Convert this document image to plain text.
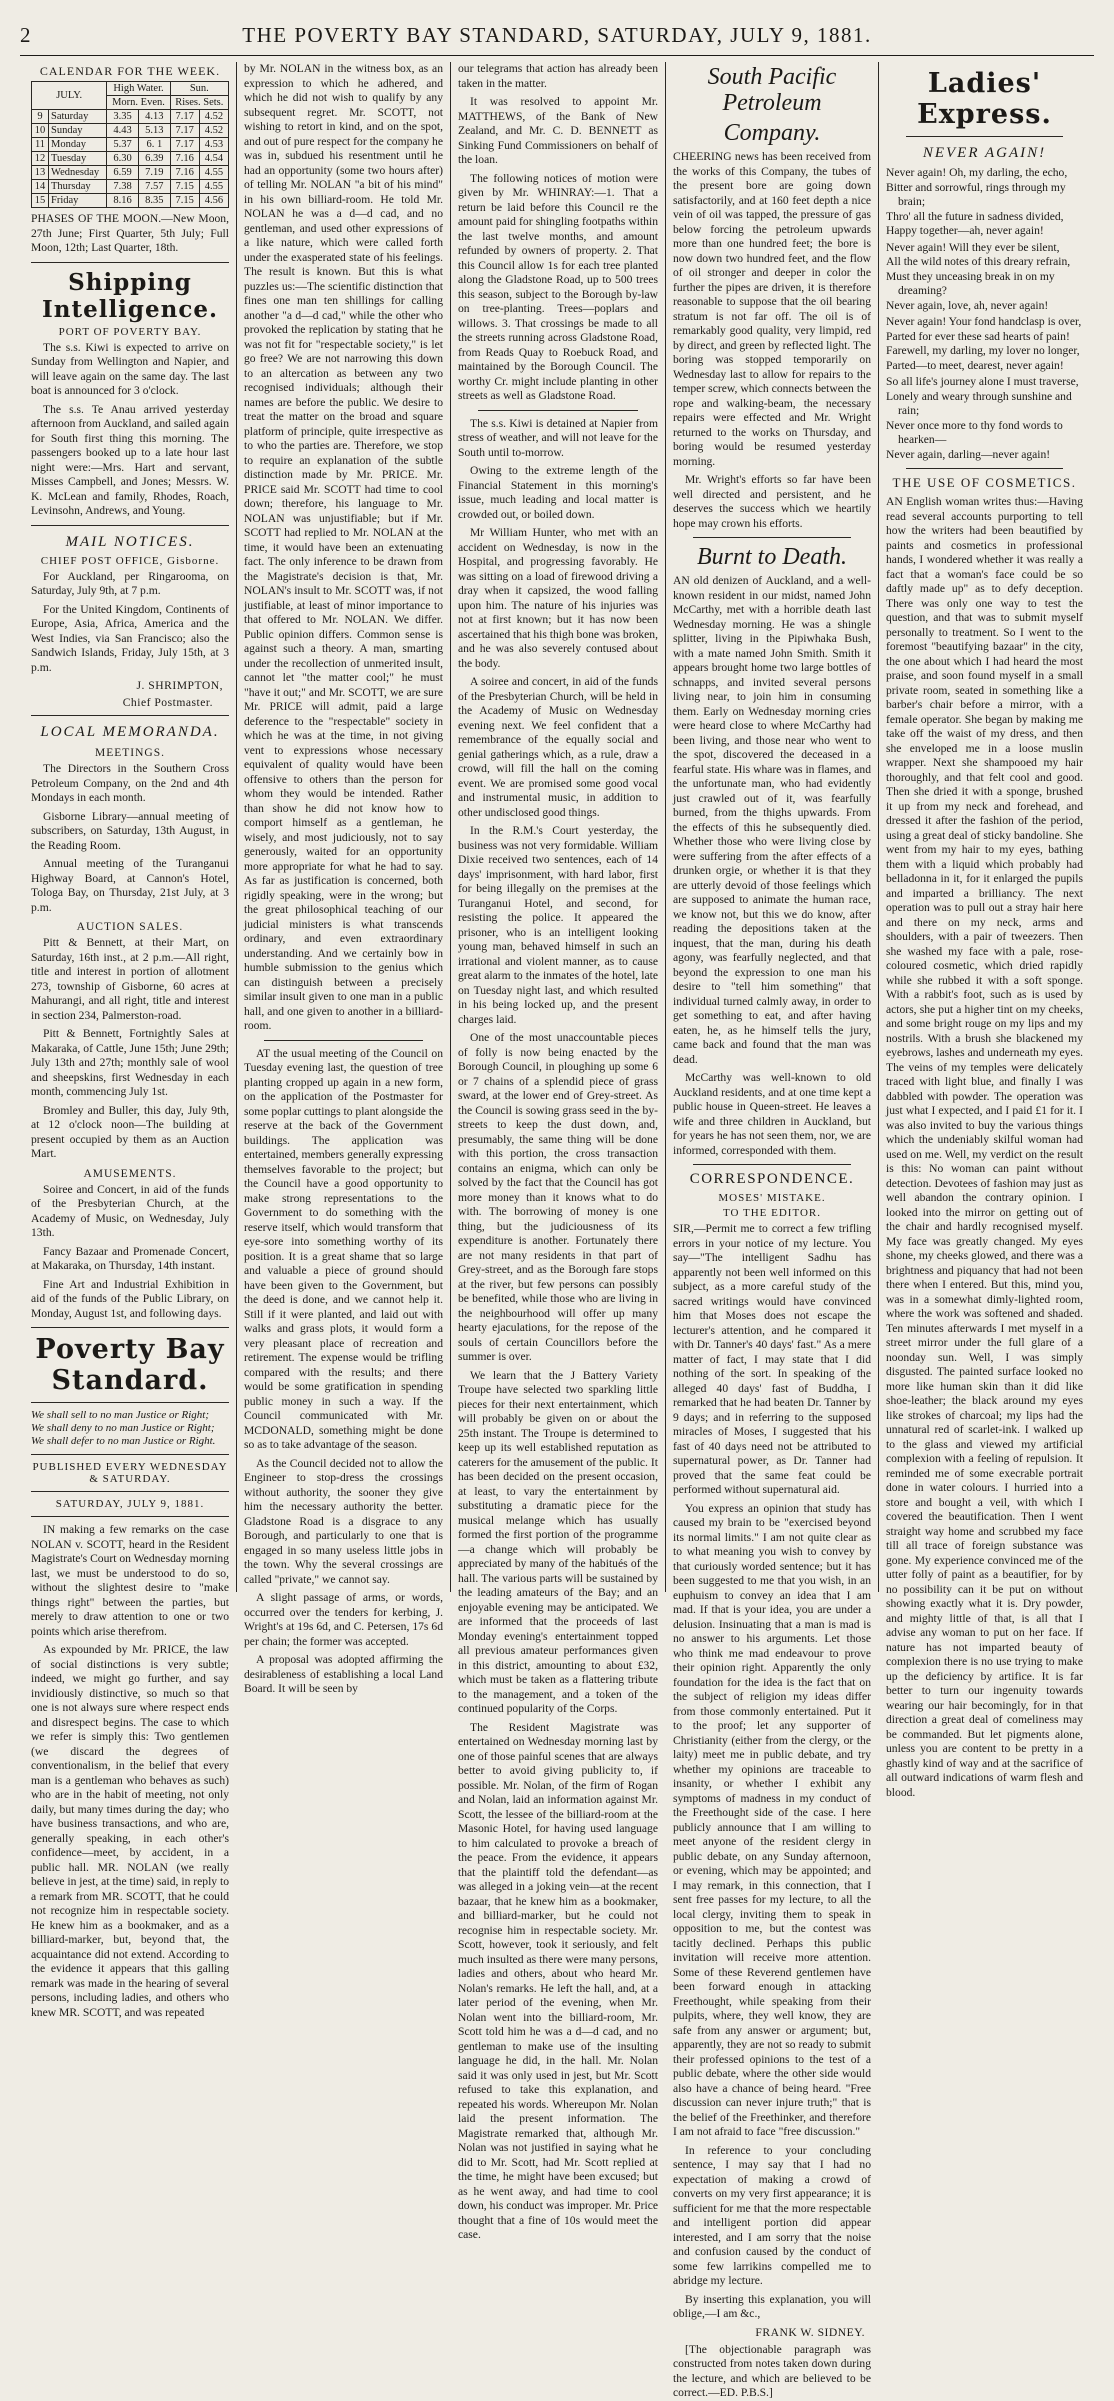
2	THE POVERTY BAY STANDARD, SATURDAY, JULY 9, 1881.
CALENDAR FOR THE WEEK.
JULY.		High Water.		Sun.	
		Morn. Even.		Rises. Sets.	
9	Saturday	3.35	4.13	7.17	4.52
10	Sunday	4.43	5.13	7.17	4.52
11	Monday	5.37	6. 1	7.17	4.53
12	Tuesday	6.30	6.39	7.16	4.54
13	Wednesday	6.59	7.19	7.16	4.55
14	Thursday	7.38	7.57	7.15	4.55
15	Friday	8.16	8.35	7.15	4.56

PHASES OF THE MOON.—New Moon, 27th June; First Quarter, 5th July; Full Moon, 12th; Last Quarter, 18th.

Shipping Intelligence.
PORT OF POVERTY BAY.

The s.s. Kiwi is expected to arrive on Sunday from Wellington and Napier, and will leave again on the same day. The last boat is announced for 3 o'clock.

The s.s. Te Anau arrived yesterday afternoon from Auckland, and sailed again for South first thing this morning. The passengers booked up to a late hour last night were:—Mrs. Hart and servant, Misses Campbell, and Jones; Messrs. W. K. McLean and family, Rhodes, Roach, Levinsohn, Andrews, and Young.

MAIL NOTICES.
CHIEF POST OFFICE, Gisborne.

For Auckland, per Ringarooma, on Saturday, July 9th, at 7 p.m.

For the United Kingdom, Continents of Europe, Asia, Africa, America and the West Indies, via San Francisco; also the Sandwich Islands, Friday, July 15th, at 3 p.m.

J. SHRIMPTON,
Chief Postmaster.
LOCAL MEMORANDA.
MEETINGS.

The Directors in the Southern Cross Petroleum Company, on the 2nd and 4th Mondays in each month.

Gisborne Library—annual meeting of subscribers, on Saturday, 13th August, in the Reading Room.

Annual meeting of the Turanganui Highway Board, at Cannon's Hotel, Tologa Bay, on Thursday, 21st July, at 3 p.m.

AUCTION SALES.

Pitt & Bennett, at their Mart, on Saturday, 16th inst., at 2 p.m.—All right, title and interest in portion of allotment 273, township of Gisborne, 60 acres at Mahurangi, and all right, title and interest in section 234, Palmerston-road.

Pitt & Bennett, Fortnightly Sales at Makaraka, of Cattle, June 15th; June 29th; July 13th and 27th; monthly sale of wool and sheepskins, first Wednesday in each month, commencing July 1st.

Bromley and Buller, this day, July 9th, at 12 o'clock noon—The building at present occupied by them as an Auction Mart.

AMUSEMENTS.

Soiree and Concert, in aid of the funds of the Presbyterian Church, at the Academy of Music, on Wednesday, July 13th.

Fancy Bazaar and Promenade Concert, at Makaraka, on Thursday, 14th instant.

Fine Art and Industrial Exhibition in aid of the funds of the Public Library, on Monday, August 1st, and following days.

Poverty Bay Standard.

We shall sell to no man Justice or Right;

We shall deny to no man Justice or Right;

We shall defer to no man Justice or Right.

PUBLISHED EVERY WEDNESDAY & SATURDAY.
SATURDAY, JULY 9, 1881.

IN making a few remarks on the case NOLAN v. SCOTT, heard in the Resident Magistrate's Court on Wednesday morning last, we must be understood to do so, without the slightest desire to "make things right" between the parties, but merely to draw attention to one or two points which arise therefrom.

As expounded by Mr. PRICE, the law of social distinctions is very subtle; indeed, we might go further, and say invidiously distinctive, so much so that one is not always sure where respect ends and disrespect begins. The case to which we refer is simply this: Two gentlemen (we discard the degrees of conventionalism, in the belief that every man is a gentleman who behaves as such) who are in the habit of meeting, not only daily, but many times during the day; who have business transactions, and who are, generally speaking, in each other's confidence—meet, by accident, in a public hall. MR. NOLAN (we really believe in jest, at the time) said, in reply to a remark from MR. SCOTT, that he could not recognize him in respectable society. He knew him as a bookmaker, and as a billiard-marker, but, beyond that, the acquaintance did not extend. According to the evidence it appears that this galling remark was made in the hearing of several persons, including ladies, and others who knew MR. SCOTT, and was repeated

by Mr. NOLAN in the witness box, as an expression to which he adhered, and which he did not wish to qualify by any subsequent regret. Mr. SCOTT, not wishing to retort in kind, and on the spot, and out of pure respect for the company he was in, subdued his resentment until he had an opportunity (some two hours after) of telling Mr. NOLAN "a bit of his mind" in his own billiard-room. He told Mr. NOLAN he was a d—d cad, and no gentleman, and used other expressions of a like nature, which were called forth under the exasperated state of his feelings. The result is known. But this is what puzzles us:—The scientific distinction that fines one man ten shillings for calling another "a d—d cad," while the other who provoked the replication by stating that he was not fit for "respectable society," is let go free? We are not narrowing this down to an altercation as between any two recognised individuals; although their names are before the public. We desire to treat the matter on the broad and square platform of principle, quite irrespective as to who the parties are. Therefore, we stop to require an explanation of the subtle distinction made by Mr. PRICE. Mr. PRICE said Mr. SCOTT had time to cool down; therefore, his language to Mr. NOLAN was unjustifiable; but if Mr. SCOTT had replied to Mr. NOLAN at the time, it would have been an extenuating fact. The only inference to be drawn from the Magistrate's decision is that, Mr. NOLAN's insult to Mr. SCOTT was, if not justifiable, at least of minor importance to that offered to Mr. NOLAN. We differ. Public opinion differs. Common sense is against such a theory. A man, smarting under the recollection of unmerited insult, cannot let "the matter cool;" he must "have it out;" and Mr. SCOTT, we are sure Mr. PRICE will admit, paid a large deference to the "respectable" society in which he was at the time, in not giving vent to expressions whose necessary equivalent of quality would have been offensive to others than the person for whom they would be intended. Rather than show he did not know how to comport himself as a gentleman, he wisely, and most judiciously, not to say generously, waited for an opportunity more appropriate for what he had to say. As far as justification is concerned, both rigidly speaking, were in the wrong; but the great philosophical teaching of our judicial ministers is what transcends ordinary, and even extraordinary understanding. And we certainly bow in humble submission to the genius which can distinguish between a precisely similar insult given to one man in a public hall, and one given to another in a billiard-room.

AT the usual meeting of the Council on Tuesday evening last, the question of tree planting cropped up again in a new form, on the application of the Postmaster for some poplar cuttings to plant alongside the reserve at the back of the Government buildings. The application was entertained, members generally expressing themselves favorable to the project; but the Council have a good opportunity to make strong representations to the Government to do something with the reserve itself, which would transform that eye-sore into something worthy of its position. It is a great shame that so large and valuable a piece of ground should have been given to the Government, but the deed is done, and we cannot help it. Still if it were planted, and laid out with walks and grass plots, it would form a very pleasant place of recreation and retirement. The expense would be trifling compared with the results; and there would be some gratification in spending public money in such a way. If the Council communicated with Mr. MCDONALD, something might be done so as to take advantage of the season.

As the Council decided not to allow the Engineer to stop-dress the crossings without authority, the sooner they give him the necessary authority the better. Gladstone Road is a disgrace to any Borough, and particularly to one that is engaged in so many useless little jobs in the town. Why the several crossings are called "private," we cannot say.

A slight passage of arms, or words, occurred over the tenders for kerbing, J. Wright's at 19s 6d, and C. Petersen, 17s 6d per chain; the former was accepted.

A proposal was adopted affirming the desirableness of establishing a local Land Board. It will be seen by

our telegrams that action has already been taken in the matter.

It was resolved to appoint Mr. MATTHEWS, of the Bank of New Zealand, and Mr. C. D. BENNETT as Sinking Fund Commissioners on behalf of the loan.

The following notices of motion were given by Mr. WHINRAY:—1. That a return be laid before this Council re the amount paid for shingling footpaths within the last twelve months, and amount refunded by owners of property. 2. That this Council allow 1s for each tree planted along the Gladstone Road, up to 500 trees this season, subject to the Borough by-law on tree-planting. Trees—poplars and willows. 3. That crossings be made to all the streets running across Gladstone Road, from Reads Quay to Roebuck Road, and maintained by the Borough Council. The worthy Cr. might include planting in other streets as well as Gladstone Road.

The s.s. Kiwi is detained at Napier from stress of weather, and will not leave for the South until to-morrow.

Owing to the extreme length of the Financial Statement in this morning's issue, much leading and local matter is crowded out, or boiled down.

Mr William Hunter, who met with an accident on Wednesday, is now in the Hospital, and progressing favorably. He was sitting on a load of firewood driving a dray when it capsized, the wood falling upon him. The nature of his injuries was not at first known; but it has now been ascertained that his thigh bone was broken, and he was also severely contused about the body.

A soiree and concert, in aid of the funds of the Presbyterian Church, will be held in the Academy of Music on Wednesday evening next. We feel confident that a remembrance of the equally social and genial gatherings which, as a rule, draw a crowd, will fill the hall on the coming event. We are promised some good vocal and instrumental music, in addition to other undisclosed good things.

In the R.M.'s Court yesterday, the business was not very formidable. William Dixie received two sentences, each of 14 days' imprisonment, with hard labor, first for being illegally on the premises at the Turanganui Hotel, and second, for resisting the police. It appeared the prisoner, who is an intelligent looking young man, behaved himself in such an irrational and violent manner, as to cause great alarm to the inmates of the hotel, late on Tuesday night last, and which resulted in his being locked up, and the present charges laid.

One of the most unaccountable pieces of folly is now being enacted by the Borough Council, in ploughing up some 6 or 7 chains of a splendid piece of grass sward, at the lower end of Grey-street. As the Council is sowing grass seed in the by-streets to keep the dust down, and, presumably, the same thing will be done with this portion, the cross transaction contains an enigma, which can only be solved by the fact that the Council has got more money than it knows what to do with. The borrowing of money is one thing, but the judiciousness of its expenditure is another. Fortunately there are not many residents in that part of Grey-street, and as the Borough fare stops at the river, but few persons can possibly be benefited, while those who are living in the neighbourhood will offer up many hearty ejaculations, for the repose of the souls of certain Councillors before the summer is over.

We learn that the J Battery Variety Troupe have selected two sparkling little pieces for their next entertainment, which will probably be given on or about the 25th instant. The Troupe is determined to keep up its well established reputation as caterers for the amusement of the public. It has been decided on the present occasion, at least, to vary the entertainment by substituting a dramatic piece for the musical melange which has usually formed the first portion of the programme—a change which will probably be appreciated by many of the habitués of the hall. The various parts will be sustained by the leading amateurs of the Bay; and an enjoyable evening may be anticipated. We are informed that the proceeds of last Monday evening's entertainment topped all previous amateur performances given in this district, amounting to about £32, which must be taken as a flattering tribute to the management, and a token of the continued popularity of the Corps.

The Resident Magistrate was entertained on Wednesday morning last by one of those painful scenes that are always better to avoid giving publicity to, if possible. Mr. Nolan, of the firm of Rogan and Nolan, laid an information against Mr. Scott, the lessee of the billiard-room at the Masonic Hotel, for having used language to him calculated to provoke a breach of the peace. From the evidence, it appears that the plaintiff told the defendant—as was alleged in a joking vein—at the recent bazaar, that he knew him as a bookmaker, and billiard-marker, but he could not recognise him in respectable society. Mr. Scott, however, took it seriously, and felt much insulted as there were many persons, ladies and others, about who heard Mr. Nolan's remarks. He left the hall, and, at a later period of the evening, when Mr. Nolan went into the billiard-room, Mr. Scott told him he was a d—d cad, and no gentleman to make use of the insulting language he did, in the hall. Mr. Nolan said it was only used in jest, but Mr. Scott refused to take this explanation, and repeated his words. Whereupon Mr. Nolan laid the present information. The Magistrate remarked that, although Mr. Nolan was not justified in saying what he did to Mr. Scott, had Mr. Scott replied at the time, he might have been excused; but as he went away, and had time to cool down, his conduct was improper. Mr. Price thought that a fine of 10s would meet the case.

South Pacific Petroleum
Company.

CHEERING news has been received from the works of this Company, the tubes of the present bore are going down satisfactorily, and at 160 feet depth a nice vein of oil was tapped, the pressure of gas below forcing the petroleum upwards more than one hundred feet; the bore is now down two hundred feet, and the flow of oil stronger and deeper in color the further the pipes are driven, it is therefore reasonable to suppose that the oil bearing stratum is not far off. The oil is of remarkably good quality, very limpid, red by direct, and green by reflected light. The boring was stopped temporarily on Wednesday last to allow for repairs to the temper screw, which connects between the rope and walking-beam, the necessary repairs were effected and Mr. Wright returned to the works on Thursday, and boring would be resumed yesterday morning.

Mr. Wright's efforts so far have been well directed and persistent, and he deserves the success which we heartily hope may crown his efforts.

Burnt to Death.

AN old denizen of Auckland, and a well-known resident in our midst, named John McCarthy, met with a horrible death last Wednesday morning. He was a shingle splitter, living in the Pipiwhaka Bush, with a mate named John Smith. Smith it appears brought home two large bottles of schnapps, and invited several persons living near, to join him in consuming them. Early on Wednesday morning cries were heard close to where McCarthy had been living, and those near who went to the spot, discovered the deceased in a fearful state. His whare was in flames, and the unfortunate man, who had evidently just crawled out of it, was fearfully burned, from the thighs upwards. From the effects of this he subsequently died. Whether those who were living close by were suffering from the after effects of a drunken orgie, or whether it is that they are utterly devoid of those feelings which are supposed to animate the human race, we know not, but this we do know, after reading the depositions taken at the inquest, that the man, during his death agony, was fearfully neglected, and that beyond the expression to one man his desire to "tell him something" that individual turned calmly away, in order to get something to eat, and after having eaten, he, as he himself tells the jury, came back and found that the man was dead.

McCarthy was well-known to old Auckland residents, and at one time kept a public house in Queen-street. He leaves a wife and three children in Auckland, but for years he has not seen them, nor, we are informed, corresponded with them.

CORRESPONDENCE.
MOSES' MISTAKE.
TO THE EDITOR.

SIR,—Permit me to correct a few trifling errors in your notice of my lecture. You say—"The intelligent Sadhu has apparently not been well informed on this subject, as a more careful study of the sacred writings would have convinced him that Moses does not escape the lecturer's attention, and he compared it with Dr. Tanner's 40 days' fast." As a mere matter of fact, I may state that I did nothing of the sort. In speaking of the alleged 40 days' fast of Buddha, I remarked that he had beaten Dr. Tanner by 9 days; and in referring to the supposed miracles of Moses, I suggested that his fast of 40 days need not be attributed to supernatural power, as Dr. Tanner had proved that the same feat could be performed without supernatural aid.

You express an opinion that study has caused my brain to be "exercised beyond its normal limits." I am not quite clear as to what meaning you wish to convey by that curiously worded sentence; but it has been suggested to me that you wish, in an euphuism to convey an idea that I am mad. If that is your idea, you are under a delusion. Insinuating that a man is mad is no answer to his arguments. Let those who think me mad endeavour to prove their opinion right. Apparently the only foundation for the idea is the fact that on the subject of religion my ideas differ from those commonly entertained. Put it to the proof; let any supporter of Christianity (either from the clergy, or the laity) meet me in public debate, and try whether my opinions are traceable to insanity, or whether I exhibit any symptoms of madness in my conduct of the Freethought side of the case. I here publicly announce that I am willing to meet anyone of the resident clergy in public debate, on any Sunday afternoon, or evening, which may be appointed; and I may remark, in this connection, that I sent free passes for my lecture, to all the local clergy, inviting them to speak in opposition to me, but the contest was tacitly declined. Perhaps this public invitation will receive more attention. Some of these Reverend gentlemen have been forward enough in attacking Freethought, while speaking from their pulpits, where, they well know, they are safe from any answer or argument; but, apparently, they are not so ready to submit their professed opinions to the test of a public debate, where the other side would also have a chance of being heard. "Free discussion can never injure truth;" that is the belief of the Freethinker, and therefore I am not afraid to face "free discussion."

In reference to your concluding sentence, I may say that I had no expectation of making a crowd of converts on my very first appearance; it is sufficient for me that the more respectable and intelligent portion did appear interested, and I am sorry that the noise and confusion caused by the conduct of some few larrikins compelled me to abridge my lecture.

By inserting this explanation, you will oblige,—I am &c.,

FRANK W. SIDNEY.

[The objectionable paragraph was constructed from notes taken down during the lecture, and which are believed to be correct.—ED. P.B.S.]

Ladies' Express.
NEVER AGAIN!
Never again! Oh, my darling, the echo,
Bitter and sorrowful, rings through my brain;
Thro' all the future in sadness divided,
Happy together—ah, never again!
Never again! Will they ever be silent,
All the wild notes of this dreary refrain,
Must they unceasing break in on my dreaming?
Never again, love, ah, never again!
Never again! Your fond handclasp is over,
Parted for ever these sad hearts of pain!
Farewell, my darling, my lover no longer,
Parted—to meet, dearest, never again!
So all life's journey alone I must traverse,
Lonely and weary through sunshine and rain;
Never once more to thy fond words to hearken—
Never again, darling—never again!
THE USE OF COSMETICS.

AN English woman writes thus:—Having read several accounts purporting to tell how the writers had been beautified by paints and cosmetics in professional hands, I wondered whether it was really a fact that a woman's face could be so daftly made up" as to defy deception. There was only one way to test the question, and that was to submit myself personally to treatment. So I went to the foremost "beautifying bazaar" in the city, the one about which I had heard the most praise, and soon found myself in a small private room, seated in something like a barber's chair before a mirror, with a female operator. She began by making me take off the waist of my dress, and then she enveloped me in a loose muslin wrapper. Next she shampooed my hair thoroughly, and that felt cool and good. Then she dried it with a sponge, brushed it up from my neck and forehead, and dressed it after the fashion of the period, using a great deal of sticky bandoline. She went from my hair to my eyes, bathing them with a liquid which probably had belladonna in it, for it enlarged the pupils and imparted a brilliancy. The next operation was to pull out a stray hair here and there on my neck, arms and shoulders, with a pair of tweezers. Then she washed my face with a pale, rose-coloured cosmetic, which dried rapidly while she rubbed it with a soft sponge. With a rabbit's foot, such as is used by actors, she put a higher tint on my cheeks, and some bright rouge on my lips and my nostrils. With a brush she blackened my eyebrows, lashes and underneath my eyes. The veins of my temples were delicately traced with light blue, and finally I was dabbled with powder. The operation was just what I expected, and I paid £1 for it. I was also invited to buy the various things which the undeniably skilful woman had used on me. Well, my verdict on the result is this: No woman can paint without detection. Devotees of fashion may just as well abandon the contrary opinion. I looked into the mirror on getting out of the chair and hardly recognised myself. My face was greatly changed. My eyes shone, my cheeks glowed, and there was a brightness and piquancy that had not been there when I entered. But this, mind you, was in a somewhat dimly-lighted room, where the work was softened and shaded. Ten minutes afterwards I met myself in a street mirror under the full glare of a noonday sun. Well, I was simply disgusted. The painted surface looked no more like human skin than it did like shoe-leather; the black around my eyes like strokes of charcoal; my lips had the unnatural red of scarlet-ink. I walked up to the glass and viewed my artificial complexion with a feeling of repulsion. It reminded me of some execrable portrait done in water colours. I hurried into a store and bought a veil, with which I covered the beautification. Then I went straight way home and scrubbed my face till all trace of foreign substance was gone. My experience convinced me of the utter folly of paint as a beautifier, for by no possibility can it be put on without showing exactly what it is. Dry powder, and mighty little of that, is all that I advise any woman to put on her face. If nature has not imparted beauty of complexion there is no use trying to make up the deficiency by artifice. It is far better to turn our ingenuity towards wearing our hair becomingly, for in that direction a great deal of comeliness may be commanded. But let pigments alone, unless you are content to be pretty in a ghastly kind of way and at the sacrifice of all outward indications of warm flesh and blood.
